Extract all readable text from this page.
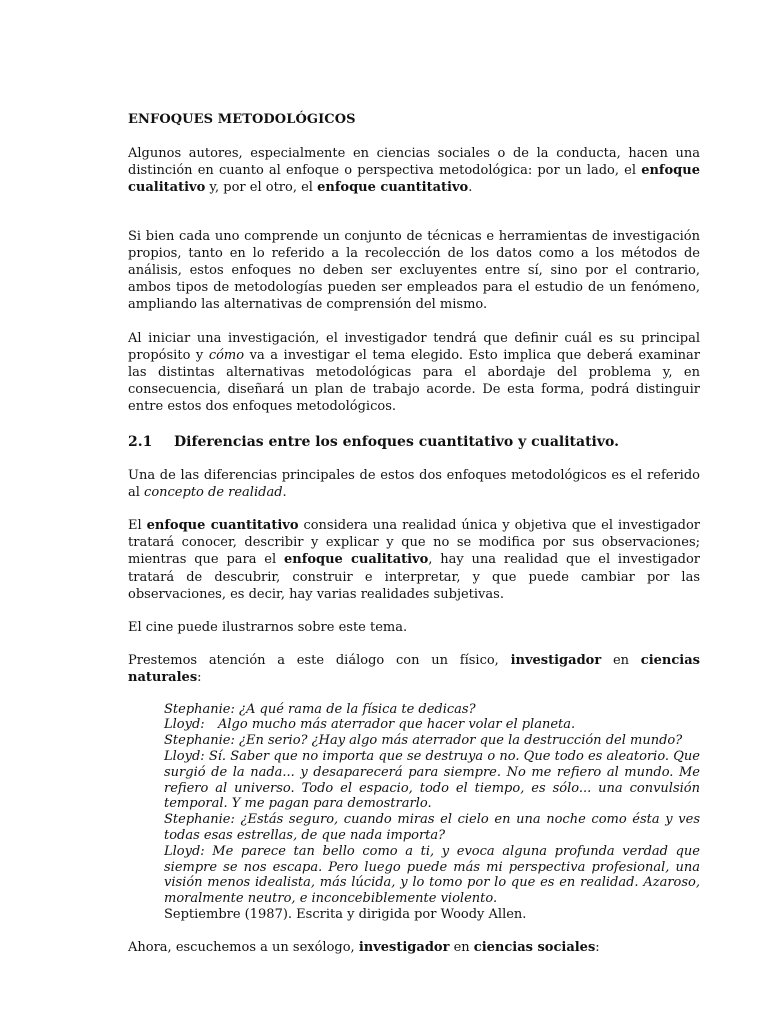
ENFOQUES METODOLÓGICOS

Algunos autores, especialmente en ciencias sociales o de la conducta, hacen una distinción en cuanto al enfoque o perspectiva metodológica: por un lado, el enfoque cualitativo y, por el otro, el enfoque cuantitativo.

Si bien cada uno comprende un conjunto de técnicas e herramientas de investigación propios, tanto en lo referido a la recolección de los datos como a los métodos de análisis, estos enfoques no deben ser excluyentes entre sí, sino por el contrario, ambos tipos de metodologías pueden ser empleados para el estudio de un fenómeno, ampliando las alternativas de comprensión del mismo.

Al iniciar una investigación, el investigador tendrá que definir cuál es su principal propósito y cómo va a investigar el tema elegido. Esto implica que deberá examinar las distintas alternativas metodológicas para el abordaje del problema y, en consecuencia, diseñará un plan de trabajo acorde. De esta forma, podrá distinguir entre estos dos enfoques metodológicos.

2.1	Diferencias entre los enfoques cuantitativo y cualitativo.

Una de las diferencias principales de estos dos enfoques metodológicos es el referido al concepto de realidad.

El enfoque cuantitativo considera una realidad única y objetiva que el investigador tratará conocer, describir y explicar y que no se modifica por sus observaciones; mientras que para el enfoque cualitativo, hay una realidad que el investigador tratará de descubrir, construir e interpretar, y que puede cambiar por las observaciones, es decir, hay varias realidades subjetivas.

El cine puede ilustrarnos sobre este tema.

Prestemos atención a este diálogo con un físico, investigador en ciencias naturales:

Stephanie: ¿A qué rama de la física te dedicas?
Lloyd: Algo mucho más aterrador que hacer volar el planeta.
Stephanie: ¿En serio? ¿Hay algo más aterrador que la destrucción del mundo?
Lloyd: Sí. Saber que no importa que se destruya o no. Que todo es aleatorio. Que surgió de la nada... y desaparecerá para siempre. No me refiero al mundo. Me refiero al universo. Todo el espacio, todo el tiempo, es sólo... una convulsión temporal. Y me pagan para demostrarlo.
Stephanie: ¿Estás seguro, cuando miras el cielo en una noche como ésta y ves todas esas estrellas, de que nada importa?
Lloyd: Me parece tan bello como a ti, y evoca alguna profunda verdad que siempre se nos escapa. Pero luego puede más mi perspectiva profesional, una visión menos idealista, más lúcida, y lo tomo por lo que es en realidad. Azaroso, moralmente neutro, e inconcebiblemente violento.
Septiembre (1987). Escrita y dirigida por Woody Allen.

Ahora, escuchemos a un sexólogo, investigador en ciencias sociales:
